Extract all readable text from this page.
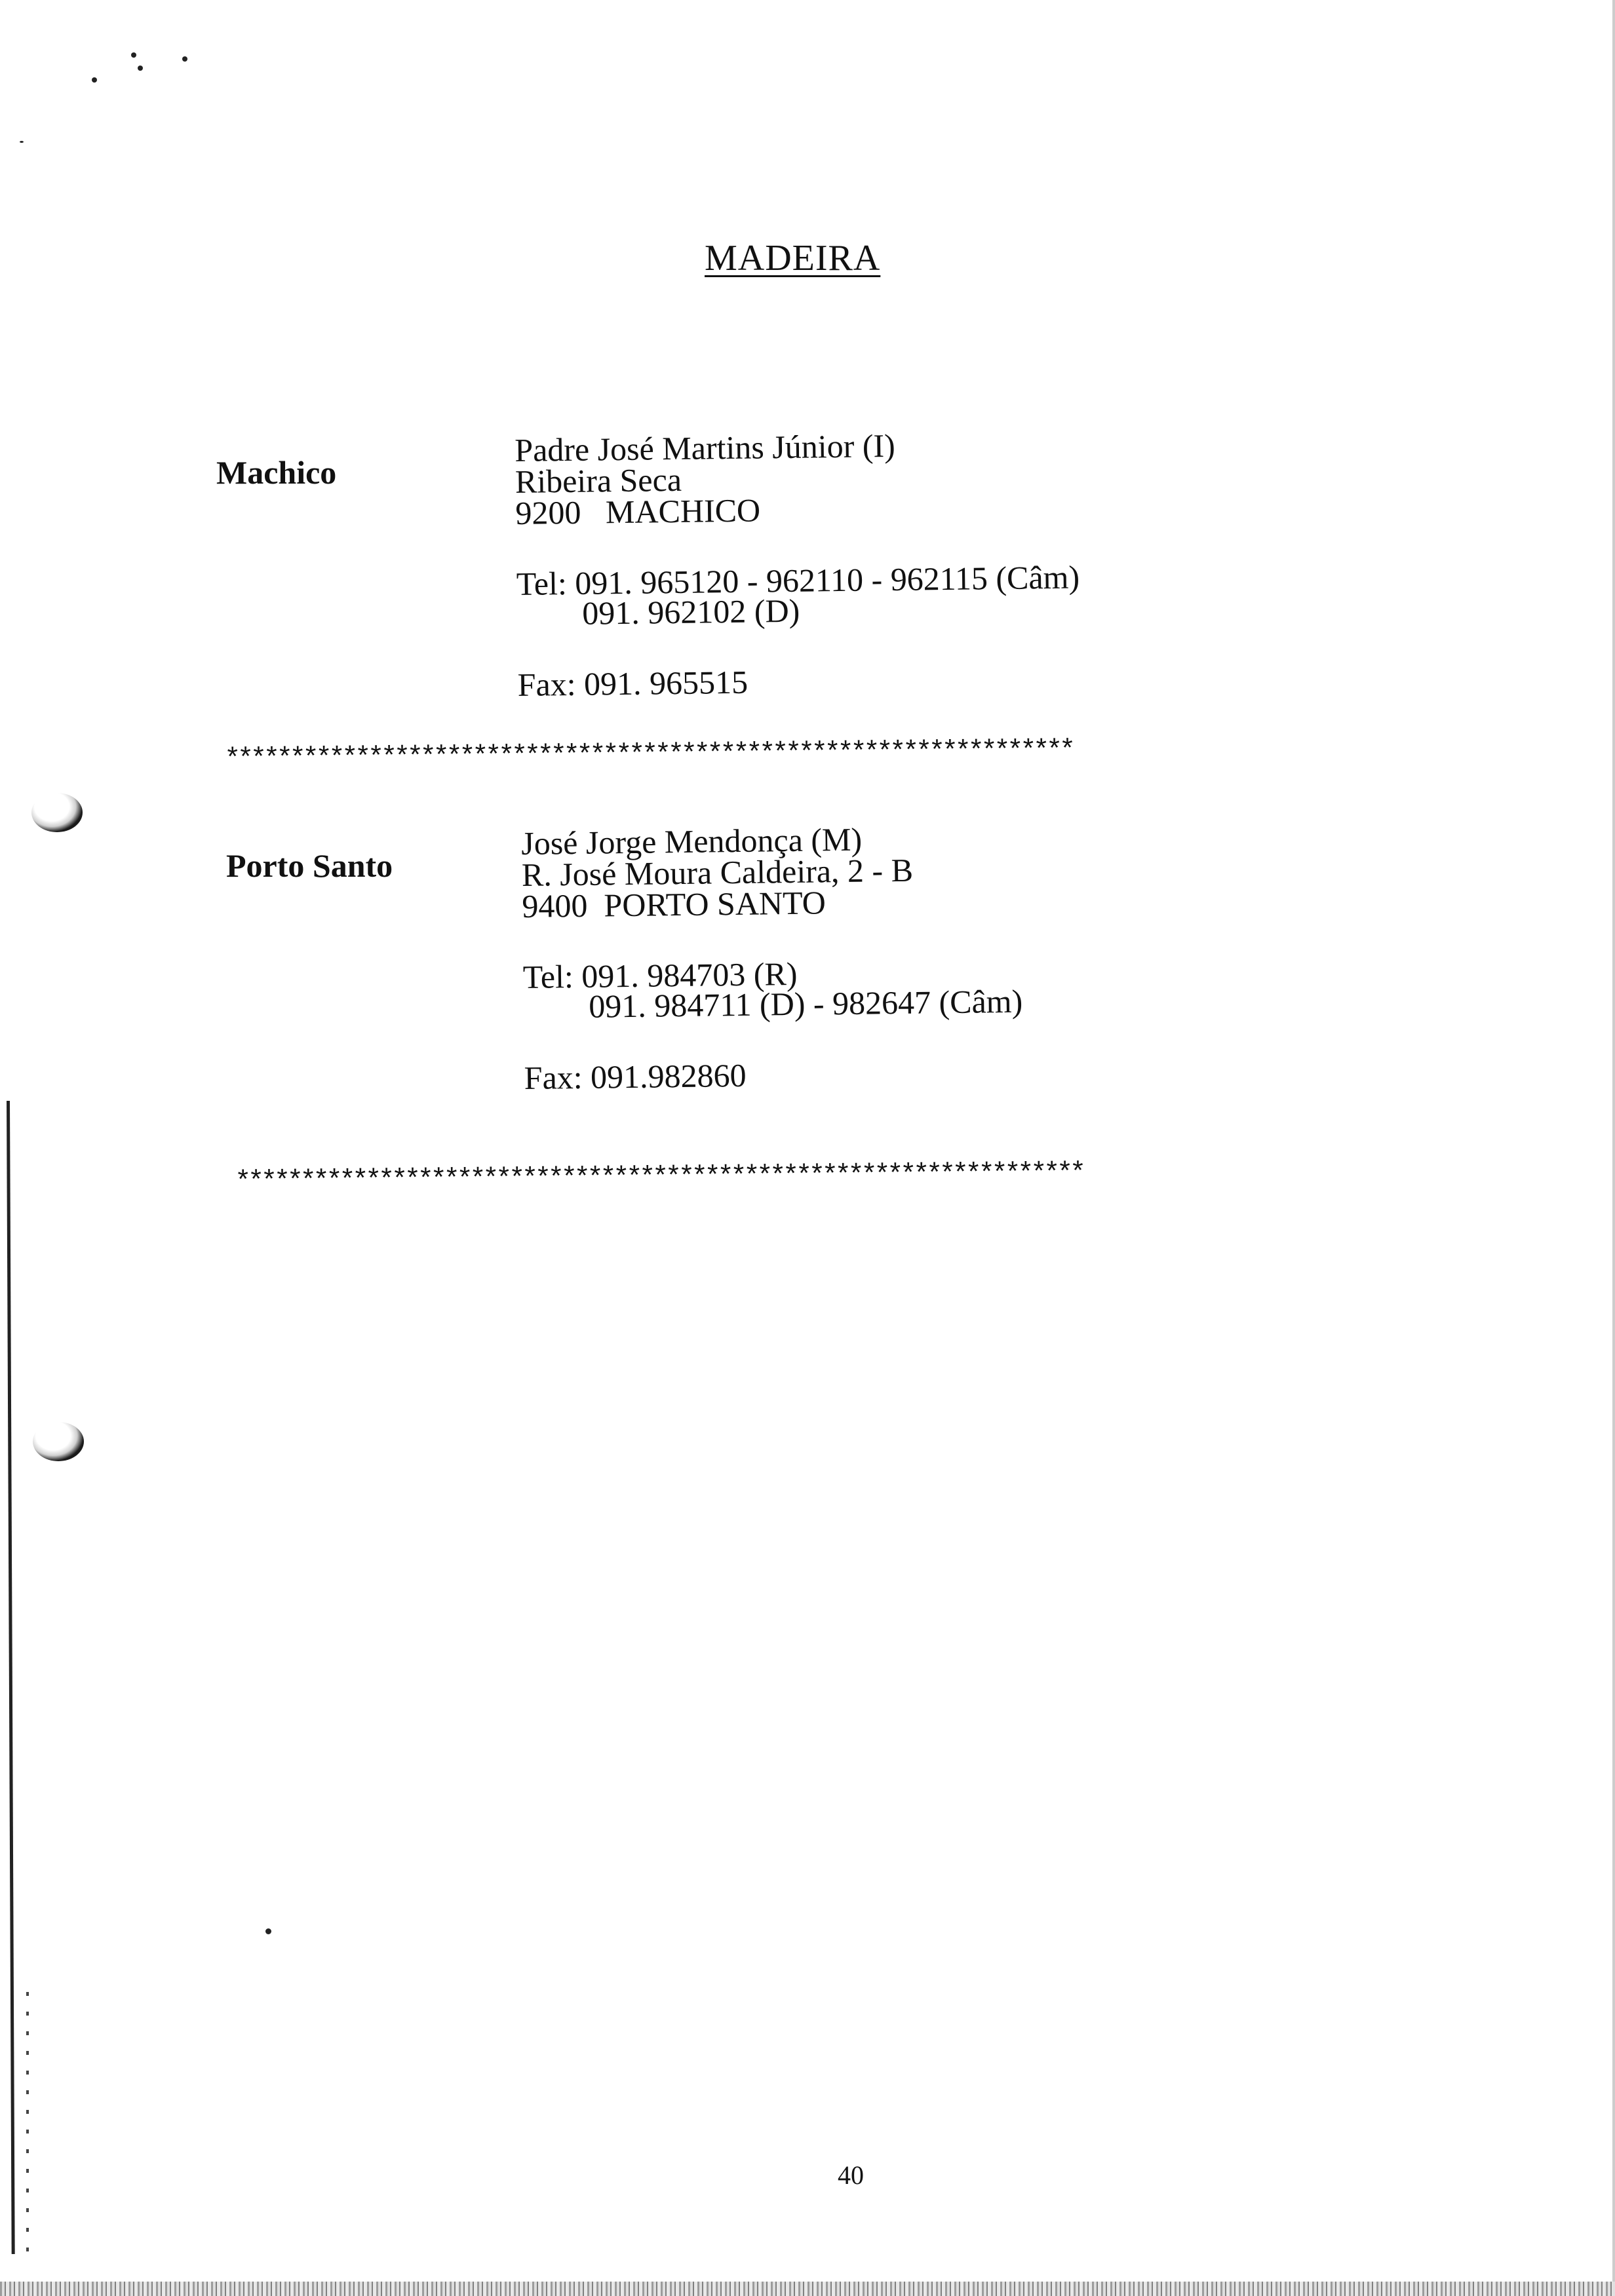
MADEIRA

Machico

Padre José Martins Júnior (I)
Ribeira Seca
9200   MACHICO
Tel: 091. 965120 - 962110 - 962115 (Câm)
091. 962102 (D)
Fax: 091. 965515

*****************************************************************

Porto Santo

José Jorge Mendonça (M)
R. José Moura Caldeira, 2 - B
9400  PORTO SANTO
Tel: 091. 984703 (R)
091. 984711 (D) - 982647 (Câm)
Fax: 091.982860

*****************************************************************

40
